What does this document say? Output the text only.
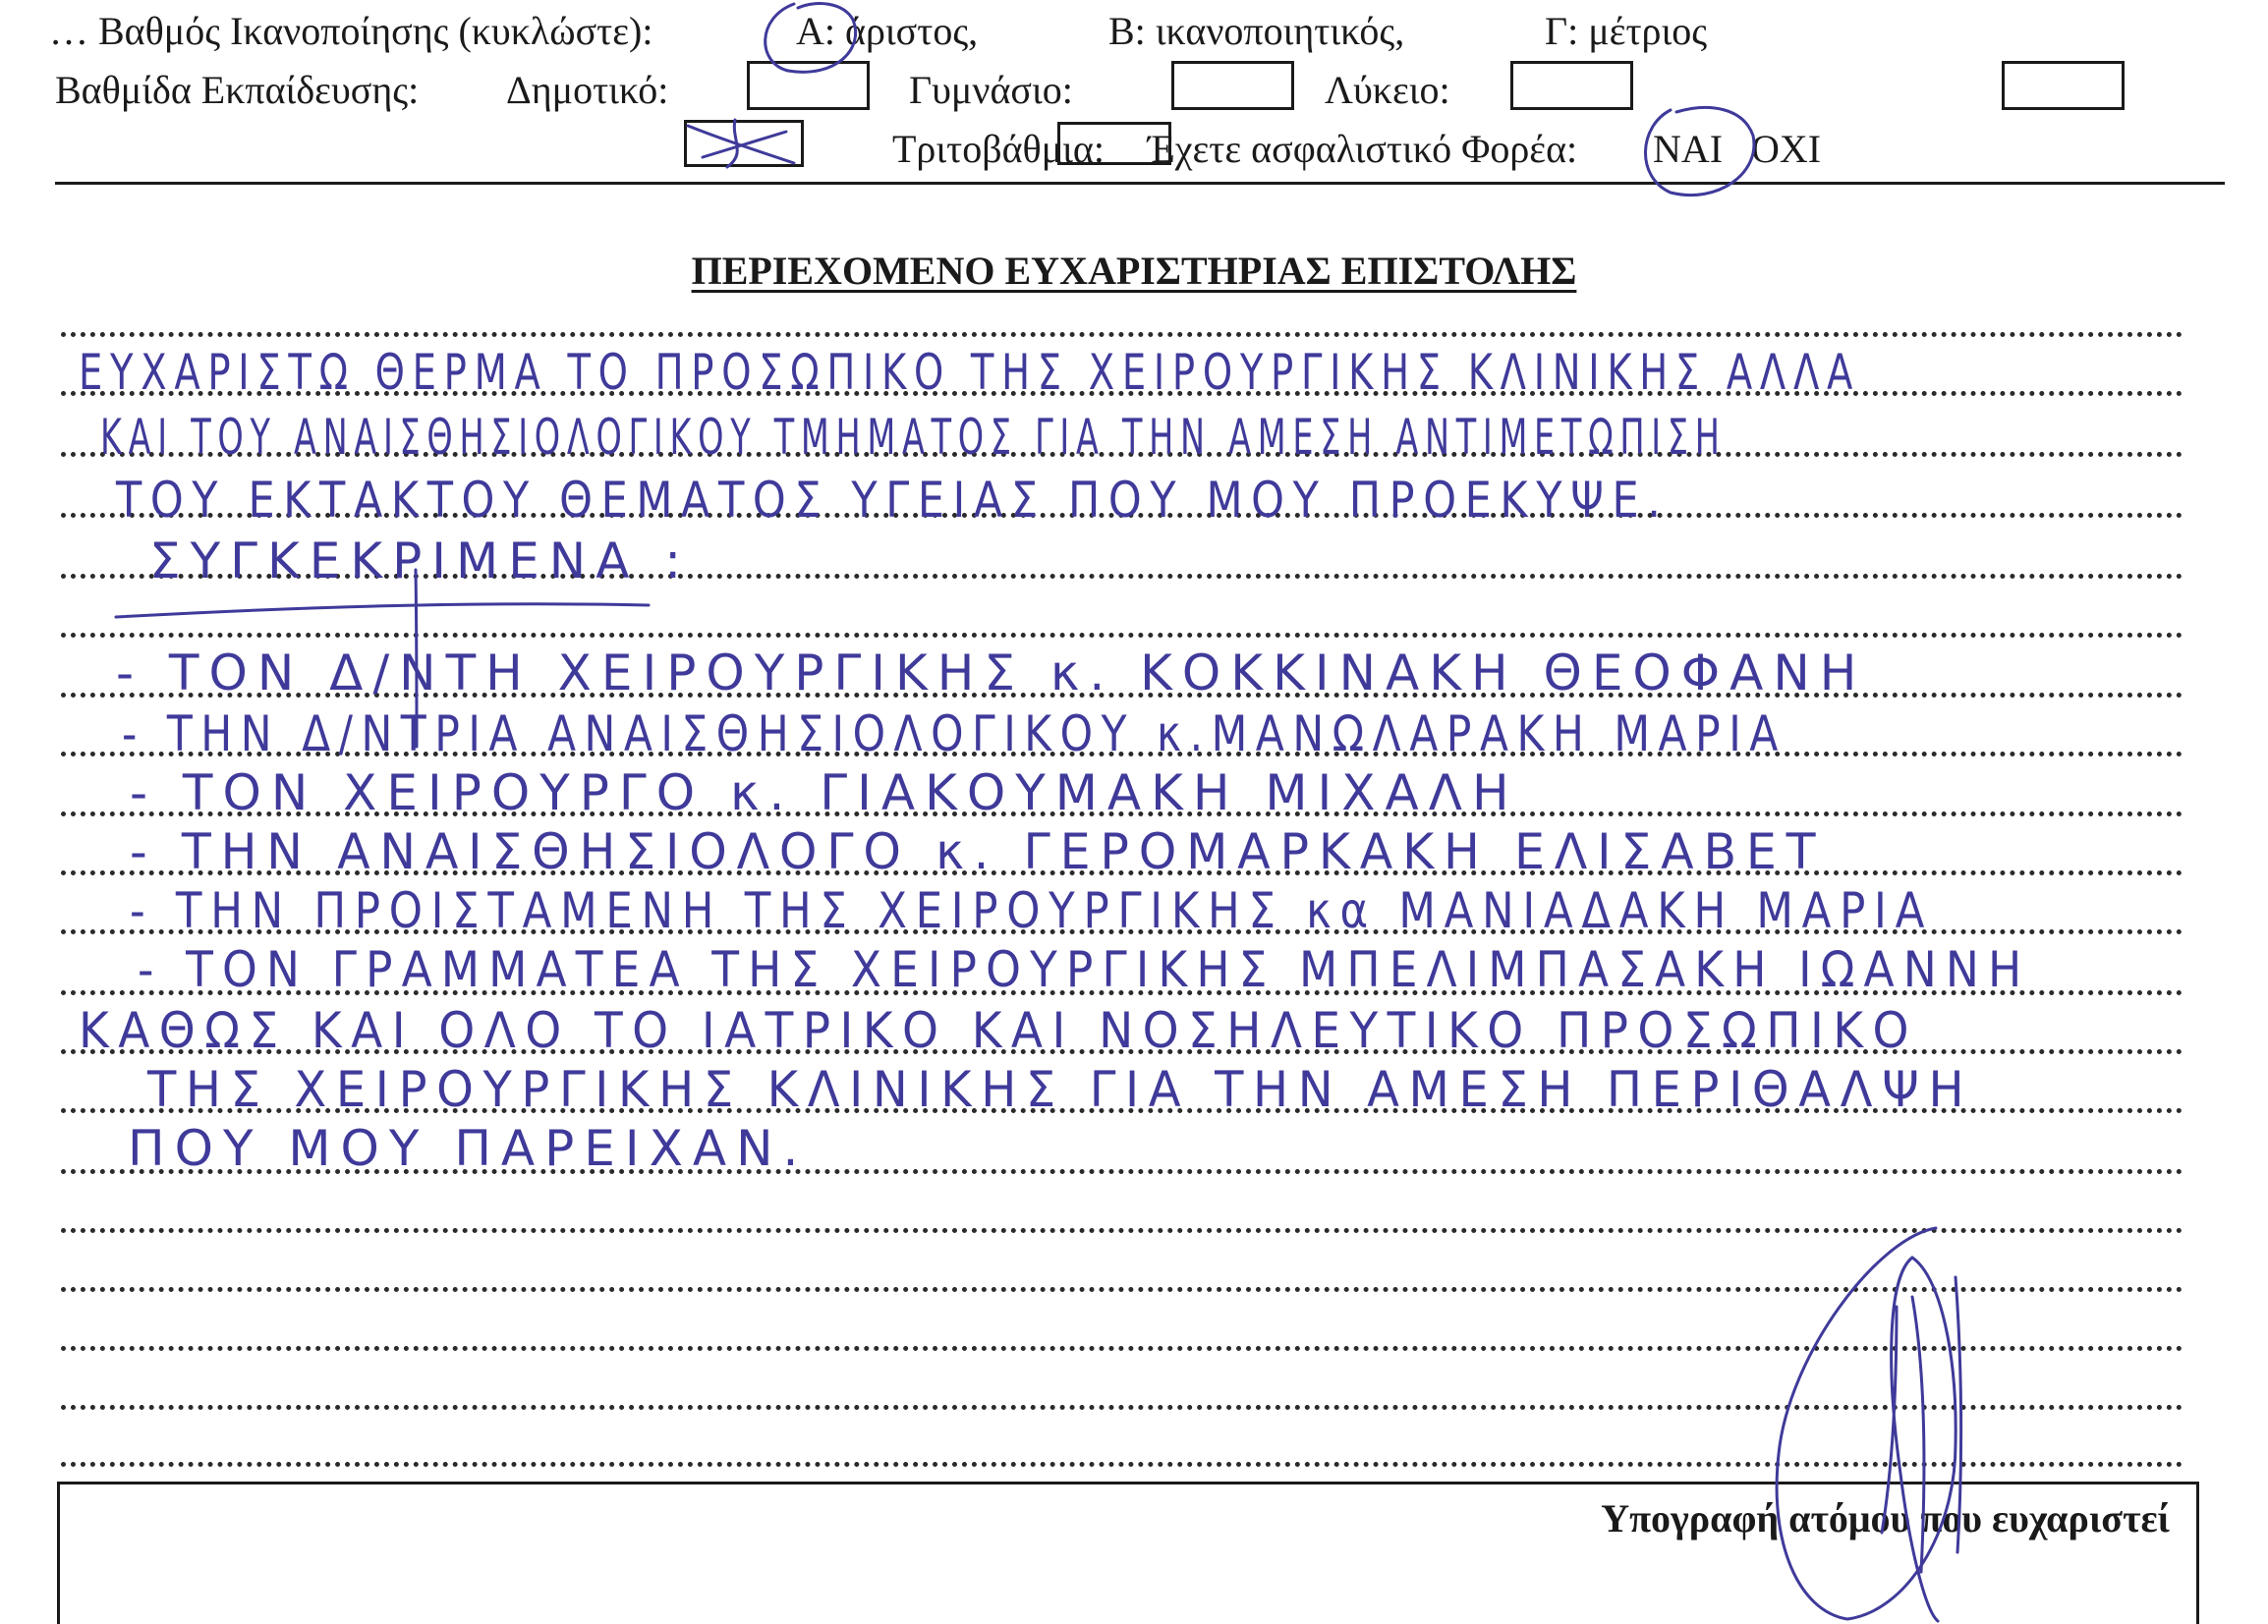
… Βαθμός Ικανοποίησης (κυκλώστε):	Α: άριστος,	Β: ικανοποιητικός,	Γ: μέτριος
Βαθμίδα Εκπαίδευσης: Δημοτικό:	Γυμνάσιο:	Λύκειο:
Τριτοβάθμια: Έχετε ασφαλιστικό Φορέα: ΝΑΙ ΟΧΙ
ΠΕΡΙΕΧΟΜΕΝΟ ΕΥΧΑΡΙΣΤΗΡΙΑΣ ΕΠΙΣΤΟΛΗΣ
ΕΥΧΑΡΙΣΤΩ ΘΕΡΜΑ ΤΟ ΠΡΟΣΩΠΙΚΟ ΤΗΣ ΧΕΙΡΟΥΡΓΙΚΗΣ ΚΛΙΝΙΚΗΣ ΑΛΛΑ
ΚΑΙ ΤΟΥ ΑΝΑΙΣΘΗΣΙΟΛΟΓΙΚΟΥ ΤΜΗΜΑΤΟΣ ΓΙΑ ΤΗΝ ΑΜΕΣΗ ΑΝΤΙΜΕΤΩΠΙΣΗ
ΤΟΥ ΕΚΤΑΚΤΟΥ ΘΕΜΑΤΟΣ ΥΓΕΙΑΣ ΠΟΥ ΜΟΥ ΠΡΟΕΚΥΨΕ.
ΣΥΓΚΕΚΡΙΜΕΝΑ :
- ΤΟΝ Δ/ΝΤΗ ΧΕΙΡΟΥΡΓΙΚΗΣ κ. ΚΟΚΚΙΝΑΚΗ ΘΕΟΦΑΝΗ
- ΤΗΝ Δ/ΝΤΡΙΑ ΑΝΑΙΣΘΗΣΙΟΛΟΓΙΚΟΥ κ.ΜΑΝΩΛΑΡΑΚΗ ΜΑΡΙΑ
- ΤΟΝ ΧΕΙΡΟΥΡΓΟ κ. ΓΙΑΚΟΥΜΑΚΗ ΜΙΧΑΛΗ
- ΤΗΝ ΑΝΑΙΣΘΗΣΙΟΛΟΓΟ κ. ΓΕΡΟΜΑΡΚΑΚΗ ΕΛΙΣΑΒΕΤ
- ΤΗΝ ΠΡΟΙΣΤΑΜΕΝΗ ΤΗΣ ΧΕΙΡΟΥΡΓΙΚΗΣ κα ΜΑΝΙΑΔΑΚΗ ΜΑΡΙΑ
- ΤΟΝ ΓΡΑΜΜΑΤΕΑ ΤΗΣ ΧΕΙΡΟΥΡΓΙΚΗΣ ΜΠΕΛΙΜΠΑΣΑΚΗ ΙΩΑΝΝΗ
ΚΑΘΩΣ ΚΑΙ ΟΛΟ ΤΟ ΙΑΤΡΙΚΟ ΚΑΙ ΝΟΣΗΛΕΥΤΙΚΟ ΠΡΟΣΩΠΙΚΟ
ΤΗΣ ΧΕΙΡΟΥΡΓΙΚΗΣ ΚΛΙΝΙΚΗΣ ΓΙΑ ΤΗΝ ΑΜΕΣΗ ΠΕΡΙΘΑΛΨΗ
ΠΟΥ ΜΟΥ ΠΑΡΕΙΧΑΝ.
Υπογραφή ατόμου που ευχαριστεί
